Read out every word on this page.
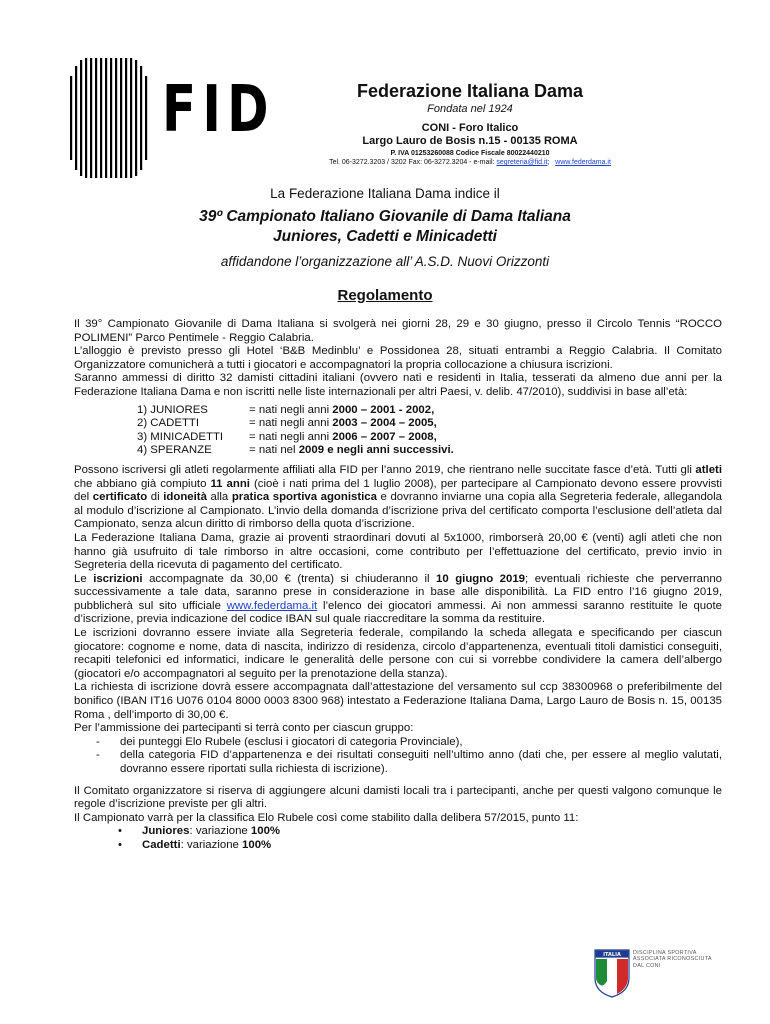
FID	Federazione Italiana Dama
Fondata nel 1924
CONI - Foro Italico
Largo Lauro de Bosis n.15 - 00135 ROMA
P. IVA 01253260088 Codice Fiscale 80022440210
Tel. 06-3272.3203 / 3202 Fax: 06-3272.3204 - e-mail: segreteria@fid.it; www.federdama.it
La Federazione Italiana Dama indice il
39º Campionato Italiano Giovanile di Dama Italiana
Juniores, Cadetti e Minicadetti
affidandone l’organizzazione all’ A.S.D. Nuovi Orizzonti
Regolamento

Il 39° Campionato Giovanile di Dama Italiana si svolgerà nei giorni 28, 29 e 30 giugno, presso il Circolo Tennis “ROCCO POLIMENI” Parco Pentimele - Reggio Calabria.

L’alloggio è previsto presso gli Hotel ‘B&B Medinblu’ e Possidonea 28, situati entrambi a Reggio Calabria. Il Comitato Organizzatore comunicherà a tutti i giocatori e accompagnatori la propria collocazione a chiusura iscrizioni.

Saranno ammessi di diritto 32 damisti cittadini italiani (ovvero nati e residenti in Italia, tesserati da almeno due anni per la Federazione Italiana Dama e non iscritti nelle liste internazionali per altri Paesi, v. delib. 47/2010), suddivisi in base all’età:

1) JUNIORES	= nati negli anni 2000 – 2001 - 2002,
2) CADETTI	= nati negli anni 2003 – 2004 – 2005,
3) MINICADETTI	= nati negli anni 2006 – 2007 – 2008,
4) SPERANZE	= nati nel 2009 e negli anni successivi.

Possono iscriversi gli atleti regolarmente affiliati alla FID per l’anno 2019, che rientrano nelle succitate fasce d’età. Tutti gli atleti che abbiano già compiuto 11 anni (cioè i nati prima del 1 luglio 2008), per partecipare al Campionato devono essere provvisti del certificato di idoneità alla pratica sportiva agonistica e dovranno inviarne una copia alla Segreteria federale, allegandola al modulo d’iscrizione al Campionato. L’invio della domanda d’iscrizione priva del certificato comporta l’esclusione dell’atleta dal Campionato, senza alcun diritto di rimborso della quota d’iscrizione.

La Federazione Italiana Dama, grazie ai proventi straordinari dovuti al 5x1000, rimborserà 20,00 € (venti) agli atleti che non hanno già usufruito di tale rimborso in altre occasioni, come contributo per l’effettuazione del certificato, previo invio in Segreteria della ricevuta di pagamento del certificato.

Le iscrizioni accompagnate da 30,00 € (trenta) si chiuderanno il 10 giugno 2019; eventuali richieste che perverranno successivamente a tale data, saranno prese in considerazione in base alle disponibilità. La FID entro l’16 giugno 2019, pubblicherà sul sito ufficiale www.federdama.it l’elenco dei giocatori ammessi. Ai non ammessi saranno restituite le quote d’iscrizione, previa indicazione del codice IBAN sul quale riaccreditare la somma da restituire.

Le iscrizioni dovranno essere inviate alla Segreteria federale, compilando la scheda allegata e specificando per ciascun giocatore: cognome e nome, data di nascita, indirizzo di residenza, circolo d’appartenenza, eventuali titoli damistici conseguiti, recapiti telefonici ed informatici, indicare le generalità delle persone con cui si vorrebbe condividere la camera dell’albergo (giocatori e/o accompagnatori al seguito per la prenotazione della stanza).

La richiesta di iscrizione dovrà essere accompagnata dall’attestazione del versamento sul ccp 38300968 o preferibilmente del bonifico (IBAN IT16 U076 0104 8000 0003 8300 968) intestato a Federazione Italiana Dama, Largo Lauro de Bosis n. 15, 00135 Roma , dell’importo di 30,00 €.

Per l’ammissione dei partecipanti si terrà conto per ciascun gruppo:

- dei punteggi Elo Rubele (esclusi i giocatori di categoria Provinciale),
- della categoria FID d’appartenenza e dei risultati conseguiti nell’ultimo anno (dati che, per essere al meglio valutati, dovranno essere riportati sulla richiesta di iscrizione).

Il Comitato organizzatore si riserva di aggiungere alcuni damisti locali tra i partecipanti, anche per questi valgono comunque le regole d’iscrizione previste per gli altri.

Il Campionato varrà per la classifica Elo Rubele così come stabilito dalla delibera 57/2015, punto 11:

• Juniores: variazione 100%
• Cadetti: variazione 100%
ITALIA DISCIPLINA SPORTIVA
ASSOCIATA RICONOSCIUTA
DAL CONI
